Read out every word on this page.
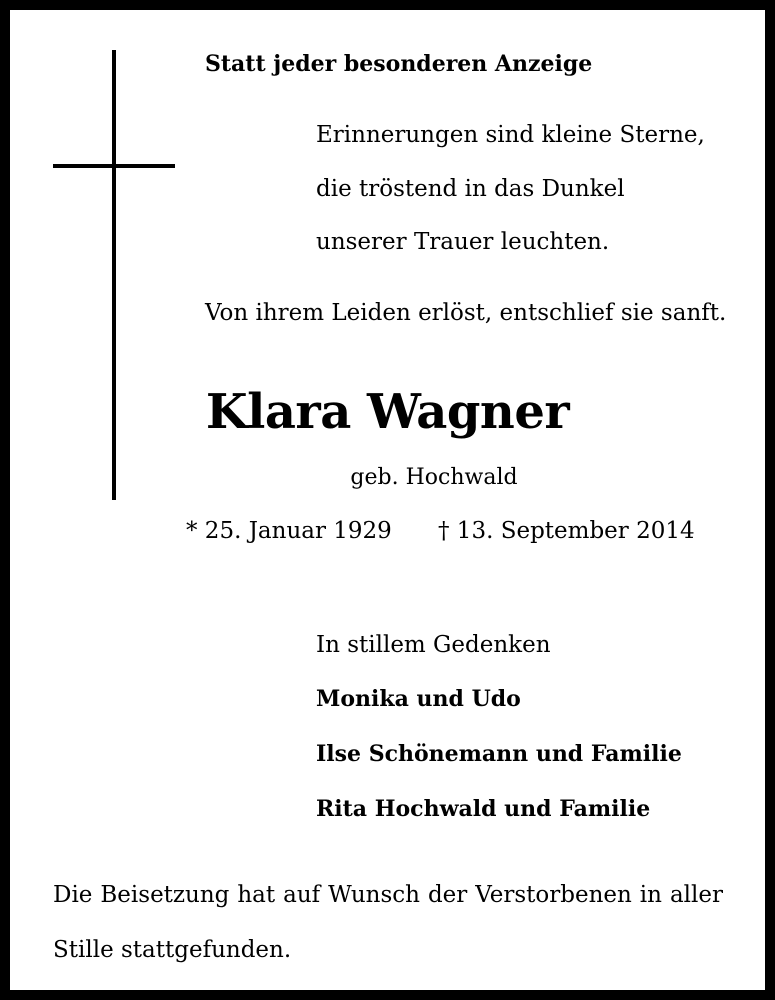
Statt jeder besonderen Anzeige
Erinnerungen sind kleine Sterne,
die tröstend in das Dunkel
unserer Trauer leuchten.
Von ihrem Leiden erlöst, entschlief sie sanft.
Klara Wagner
geb. Hochwald
* 25. Januar 1929 † 13. September 2014
In stillem Gedenken
Monika und Udo
Ilse Schönemann und Familie
Rita Hochwald und Familie
Die Beisetzung hat auf Wunsch der Verstorbenen in aller Stille stattgefunden.
